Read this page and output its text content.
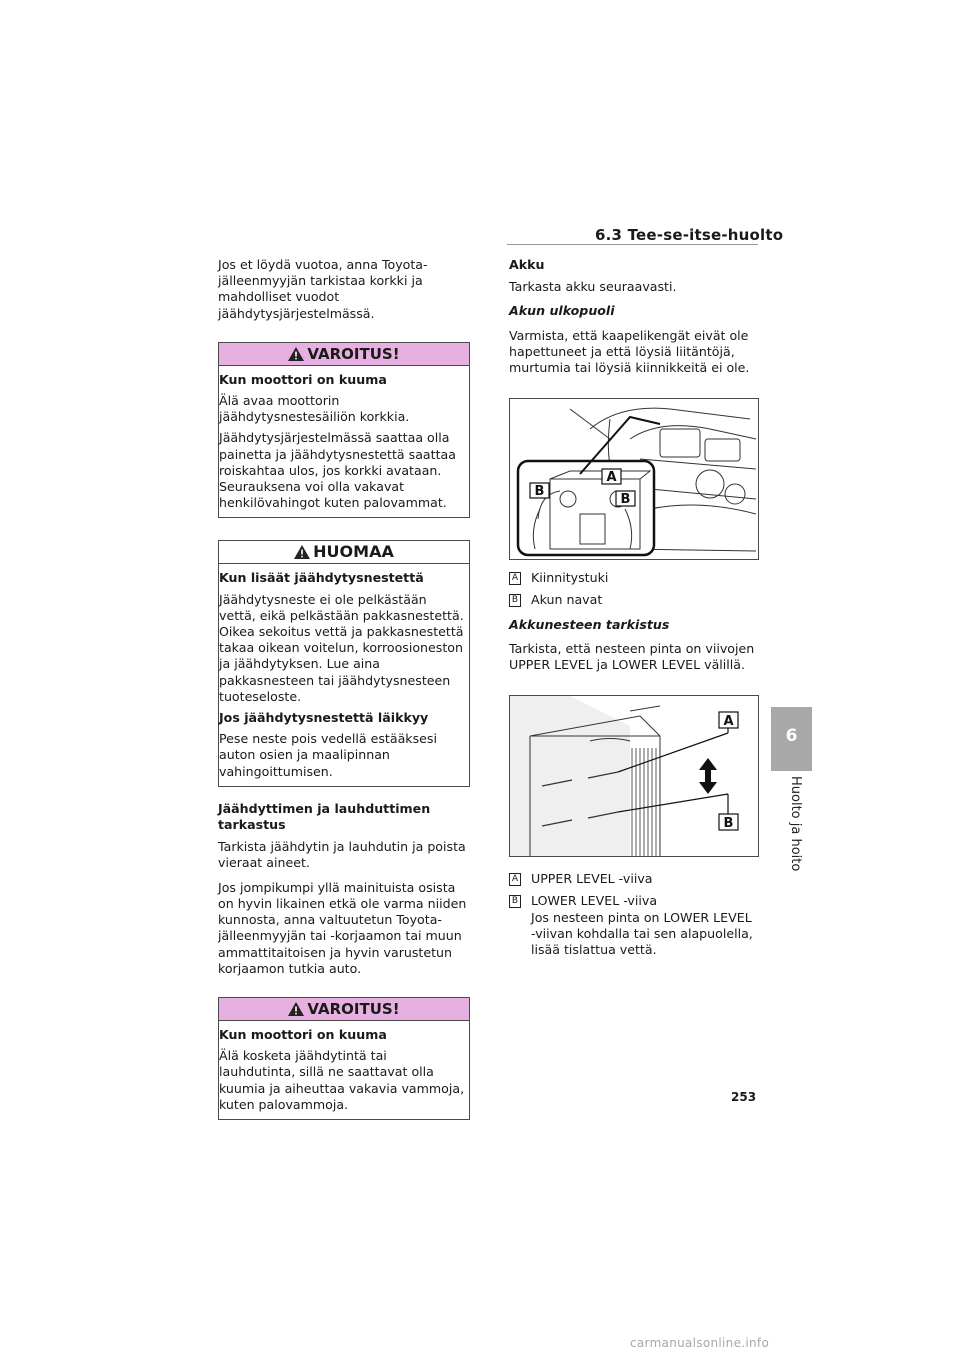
6.3 Tee-se-itse-huolto

Jos et löydä vuotoa, anna Toyota-jälleenmyyjän tarkistaa korkki ja mahdolliset vuodot jäähdytysjärjestelmässä.

VAROITUS!

Kun moottori on kuuma

Älä avaa moottorin jäähdytysnestesäiliön korkkia.

Jäähdytysjärjestelmässä saattaa olla painetta ja jäähdytysnestettä saattaa roiskahtaa ulos, jos korkki avataan. Seurauksena voi olla vakavat henkilövahingot kuten palovammat.

HUOMAA

Kun lisäät jäähdytysnestettä

Jäähdytysneste ei ole pelkästään vettä, eikä pelkästään pakkasnestettä. Oikea sekoitus vettä ja pakkasnestettä takaa oikean voitelun, korroosioneston ja jäähdytyksen. Lue aina pakkasnesteen tai jäähdytysnesteen tuoteseloste.

Jos jäähdytysnestettä läikkyy

Pese neste pois vedellä estääksesi auton osien ja maalipinnan vahingoittumisen.

Jäähdyttimen ja lauhduttimen tarkastus

Tarkista jäähdytin ja lauhdutin ja poista vieraat aineet.

Jos jompikumpi yllä mainituista osista on hyvin likainen etkä ole varma niiden kunnosta, anna valtuutetun Toyota-jälleenmyyjän tai -korjaamon tai muun ammattitaitoisen ja hyvin varustetun korjaamon tutkia auto.

VAROITUS!

Kun moottori on kuuma

Älä kosketa jäähdytintä tai lauhdutinta, sillä ne saattavat olla kuumia ja aiheuttaa vakavia vammoja, kuten palovammoja.

Akku

Tarkasta akku seuraavasti.

Akun ulkopuoli

Varmista, että kaapelikengät eivät ole hapettuneet ja että löysiä liitäntöjä, murtumia tai löysiä kiinnikkeitä ei ole.

A
B
B
A Kiinnitystuki
B Akun navat

Akkunesteen tarkistus

Tarkista, että nesteen pinta on viivojen UPPER LEVEL ja LOWER LEVEL välillä.

A
B
A UPPER LEVEL -viiva
B LOWER LEVEL -viiva
Jos nesteen pinta on LOWER LEVEL -viivan kohdalla tai sen alapuolella, lisää tislattua vettä.
6
Huolto ja hoito
253
carmanualsonline.info
